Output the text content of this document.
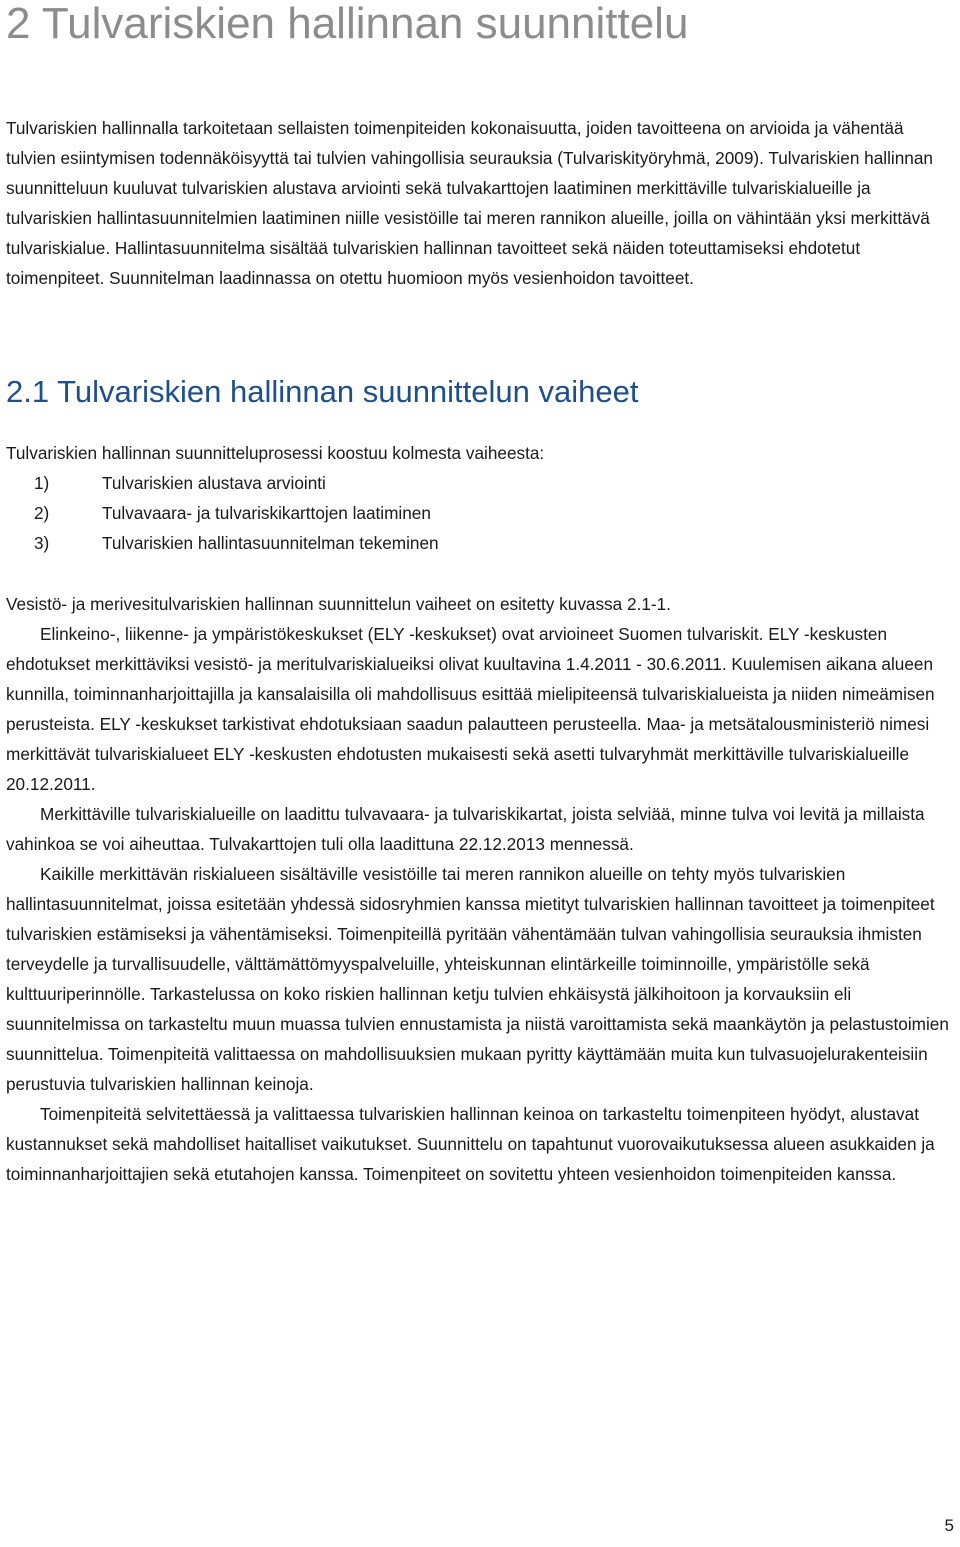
2 Tulvariskien hallinnan suunnittelu

Tulvariskien hallinnalla tarkoitetaan sellaisten toimenpiteiden kokonaisuutta, joiden tavoitteena on arvioida ja vähentää tulvien esiintymisen todennäköisyyttä tai tulvien vahingollisia seurauksia (Tulvariskityöryhmä, 2009). Tulvariskien hallinnan suunnitteluun kuuluvat tulvariskien alustava arviointi sekä tulvakarttojen laatiminen merkittäville tulvariskialueille ja tulvariskien hallintasuunnitelmien laatiminen niille vesistöille tai meren rannikon alueille, joilla on vähintään yksi merkittävä tulvariskialue. Hallintasuunnitelma sisältää tulvariskien hallinnan tavoitteet sekä näiden toteuttamiseksi ehdotetut toimenpiteet. Suunnitelman laadinnassa on otettu huomioon myös vesienhoidon tavoitteet.

2.1 Tulvariskien hallinnan suunnittelun vaiheet

Tulvariskien hallinnan suunnitteluprosessi koostuu kolmesta vaiheesta:

1)	Tulvariskien alustava arviointi
2)	Tulvavaara- ja tulvariskikarttojen laatiminen
3)	Tulvariskien hallintasuunnitelman tekeminen

Vesistö- ja merivesitulvariskien hallinnan suunnittelun vaiheet on esitetty kuvassa 2.1-1.

Elinkeino-, liikenne- ja ympäristökeskukset (ELY -keskukset) ovat arvioineet Suomen tulvariskit. ELY -keskusten ehdotukset merkittäviksi vesistö- ja meritulvariskialueiksi olivat kuultavina 1.4.2011 - 30.6.2011. Kuulemisen aikana alueen kunnilla, toiminnanharjoittajilla ja kansalaisilla oli mahdollisuus esittää mielipiteensä tulvariskialueista ja niiden nimeämisen perusteista. ELY -keskukset tarkistivat ehdotuksiaan saadun palautteen perusteella. Maa- ja metsätalousministeriö nimesi merkittävät tulvariskialueet ELY -keskusten ehdotusten mukaisesti sekä asetti tulvaryhmät merkittäville tulvariskialueille 20.12.2011.

Merkittäville tulvariskialueille on laadittu tulvavaara- ja tulvariskikartat, joista selviää, minne tulva voi levitä ja millaista vahinkoa se voi aiheuttaa. Tulvakarttojen tuli olla laadittuna 22.12.2013 mennessä.

Kaikille merkittävän riskialueen sisältäville vesistöille tai meren rannikon alueille on tehty myös tulvariskien hallintasuunnitelmat, joissa esitetään yhdessä sidosryhmien kanssa mietityt tulvariskien hallinnan tavoitteet ja toimenpiteet tulvariskien estämiseksi ja vähentämiseksi. Toimenpiteillä pyritään vähentämään tulvan vahingollisia seurauksia ihmisten terveydelle ja turvallisuudelle, välttämättömyyspalveluille, yhteiskunnan elintärkeille toiminnoille, ympäristölle sekä kulttuuriperinnölle. Tarkastelussa on koko riskien hallinnan ketju tulvien ehkäisystä jälkihoitoon ja korvauksiin eli suunnitelmissa on tarkasteltu muun muassa tulvien ennustamista ja niistä varoittamista sekä maankäytön ja pelastustoimien suunnittelua. Toimenpiteitä valittaessa on mahdollisuuksien mukaan pyritty käyttämään muita kun tulvasuojelurakenteisiin perustuvia tulvariskien hallinnan keinoja.

Toimenpiteitä selvitettäessä ja valittaessa tulvariskien hallinnan keinoa on tarkasteltu toimenpiteen hyödyt, alustavat kustannukset sekä mahdolliset haitalliset vaikutukset. Suunnittelu on tapahtunut vuorovaikutuksessa alueen asukkaiden ja toiminnanharjoittajien sekä etutahojen kanssa. Toimenpiteet on sovitettu yhteen vesienhoidon toimenpiteiden kanssa.

5
